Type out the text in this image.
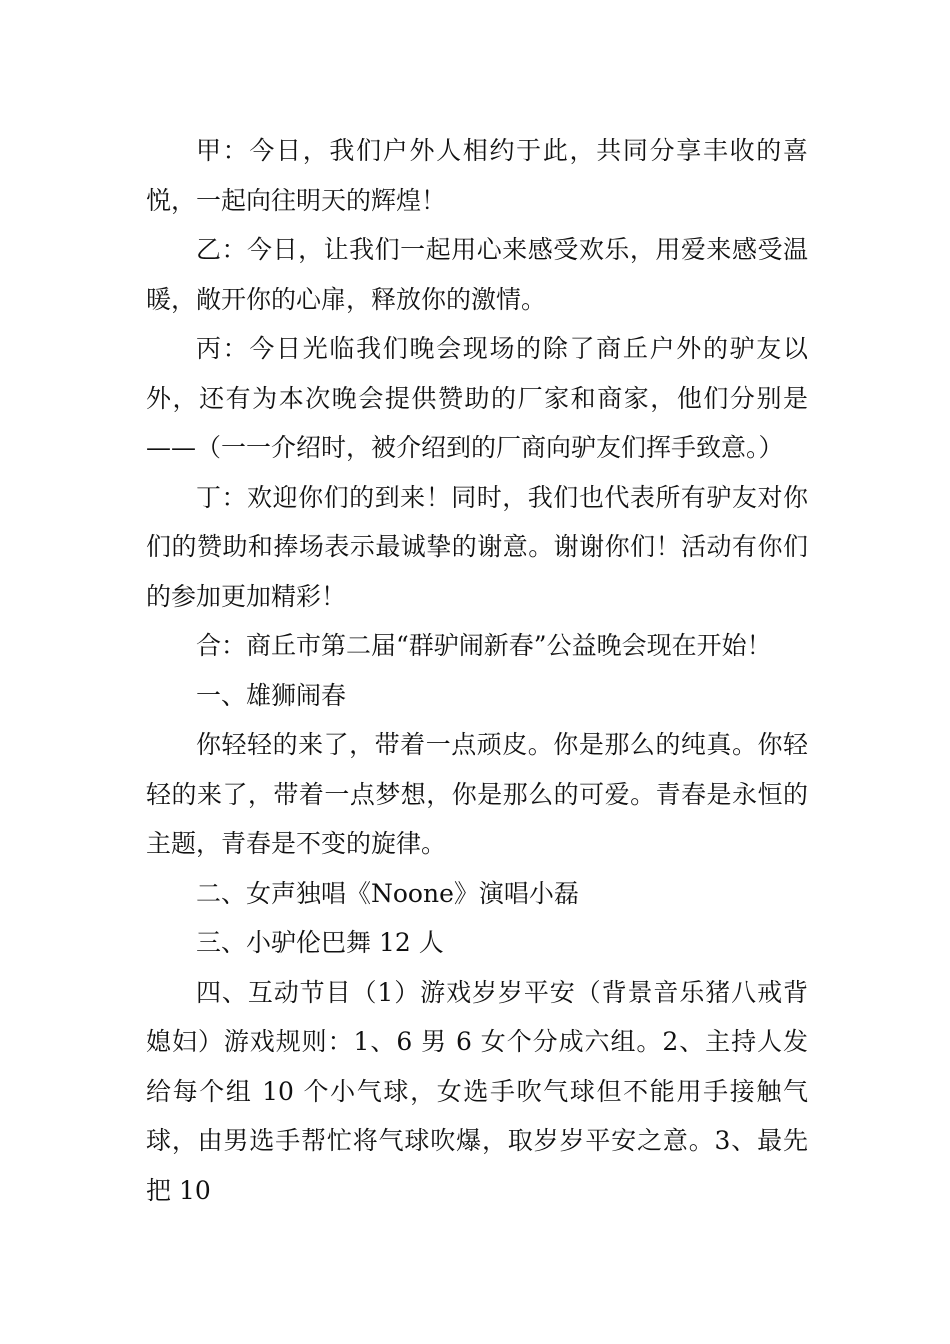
甲：今日，我们户外人相约于此，共同分享丰收的喜悦，一起向往明天的辉煌！

乙：今日，让我们一起用心来感受欢乐，用爱来感受温暖，敞开你的心扉，释放你的激情。

丙：今日光临我们晚会现场的除了商丘户外的驴友以外，还有为本次晚会提供赞助的厂家和商家，他们分别是——（一一介绍时，被介绍到的厂商向驴友们挥手致意。）

丁：欢迎你们的到来！同时，我们也代表所有驴友对你们的赞助和捧场表示最诚挚的谢意。谢谢你们！活动有你们的参加更加精彩！

合：商丘市第二届“群驴闹新春”公益晚会现在开始！

一、雄狮闹春

你轻轻的来了，带着一点顽皮。你是那么的纯真。你轻轻的来了，带着一点梦想，你是那么的可爱。青春是永恒的主题，青春是不变的旋律。

二、女声独唱《Noone》演唱小磊

三、小驴伦巴舞 12 人

四、互动节目（1）游戏岁岁平安（背景音乐猪八戒背媳妇）游戏规则：1、6 男 6 女个分成六组。2、主持人发给每个组 10 个小气球，女选手吹气球但不能用手接触气球，由男选手帮忙将气球吹爆，取岁岁平安之意。3、最先把 10
